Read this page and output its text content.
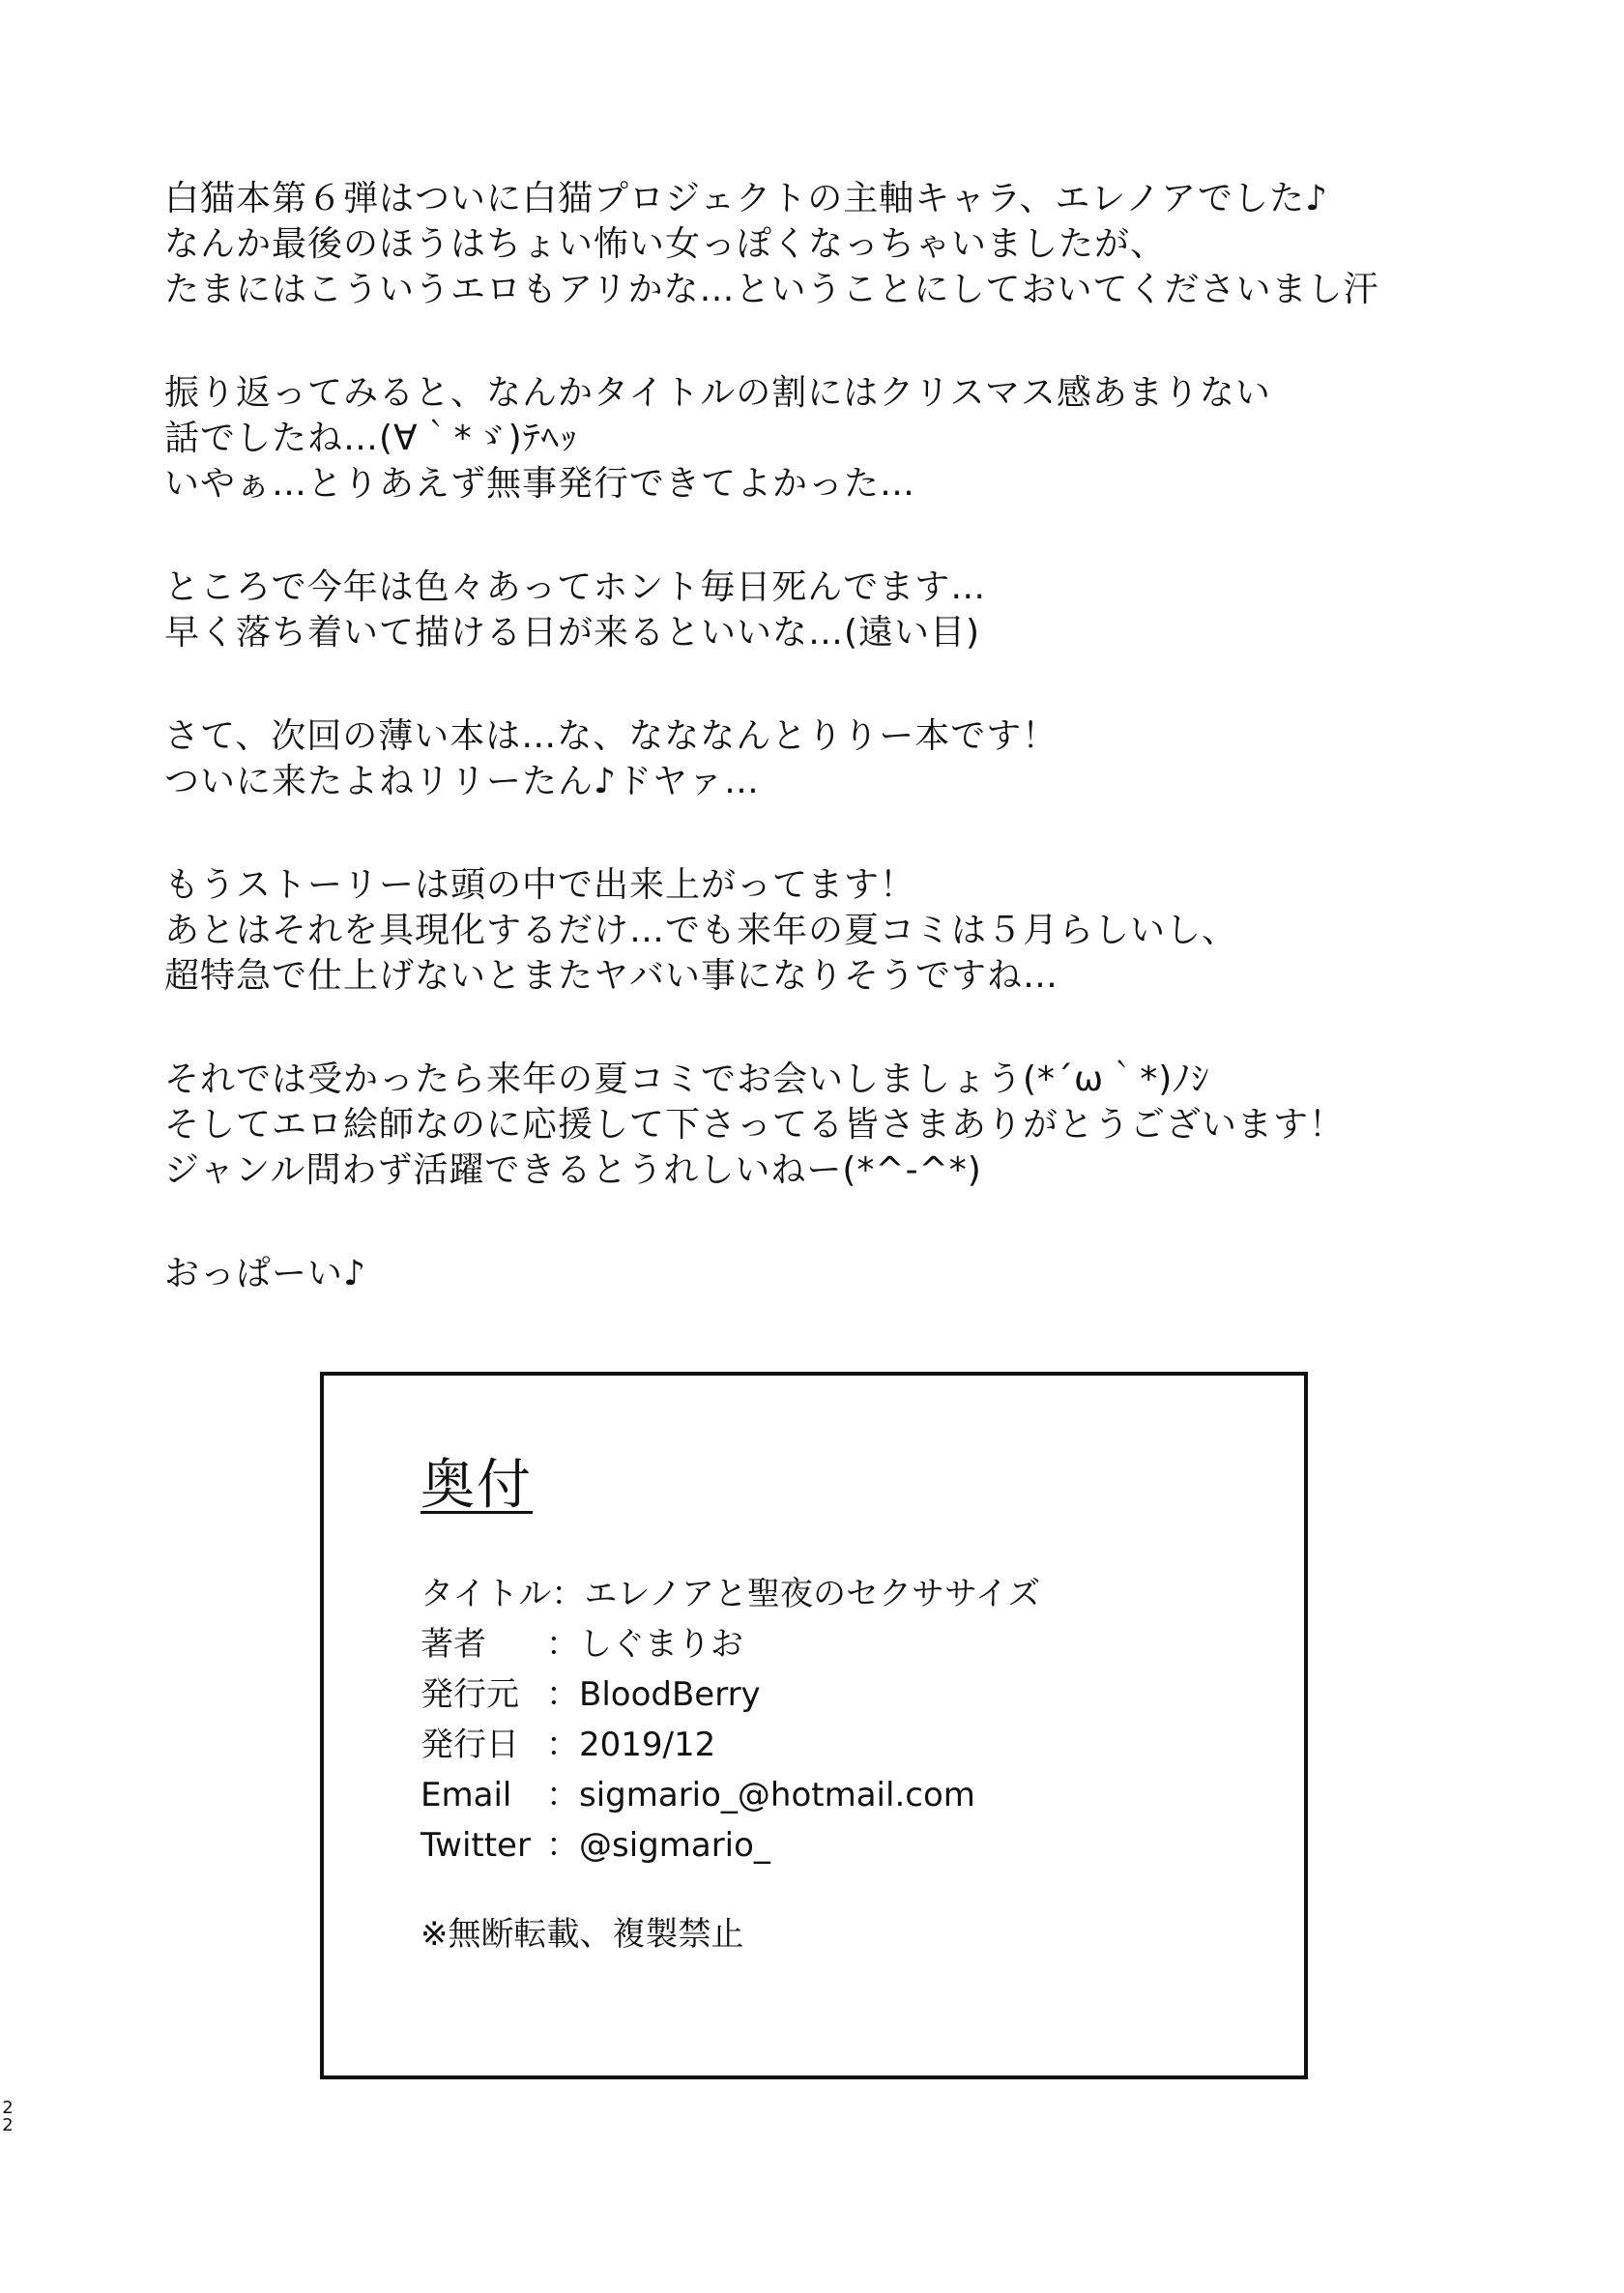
白猫本第６弾はついに白猫プロジェクトの主軸キャラ、エレノアでした♪
なんか最後のほうはちょい怖い女っぽくなっちゃいましたが、
たまにはこういうエロもアリかな…ということにしておいてくださいまし汗
振り返ってみると、なんかタイトルの割にはクリスマス感あまりない
話でしたね…(∀｀*ゞ)ﾃﾍｯ
いやぁ…とりあえず無事発行できてよかった…
ところで今年は色々あってホント毎日死んでます…
早く落ち着いて描ける日が来るといいな…(遠い目)
さて、次回の薄い本は…な、なななんとりりー本です！
ついに来たよねリリーたん♪ドヤァ…
もうストーリーは頭の中で出来上がってます！
あとはそれを具現化するだけ…でも来年の夏コミは５月らしいし、
超特急で仕上げないとまたヤバい事になりそうですね…
それでは受かったら来年の夏コミでお会いしましょう(*´ω｀*)ﾉｼ
そしてエロ絵師なのに応援して下さってる皆さまありがとうございます！
ジャンル問わず活躍できるとうれしいねー(*^-^*)
おっぱーい♪
奥付
タイトル：エレノアと聖夜のセクササイズ
著者 ：しぐまりお
発行元 ：BloodBerry
発行日 ：2019/12
Email ：sigmario_@hotmail.com
Twitter ：@sigmario_
※無断転載、複製禁止
22
